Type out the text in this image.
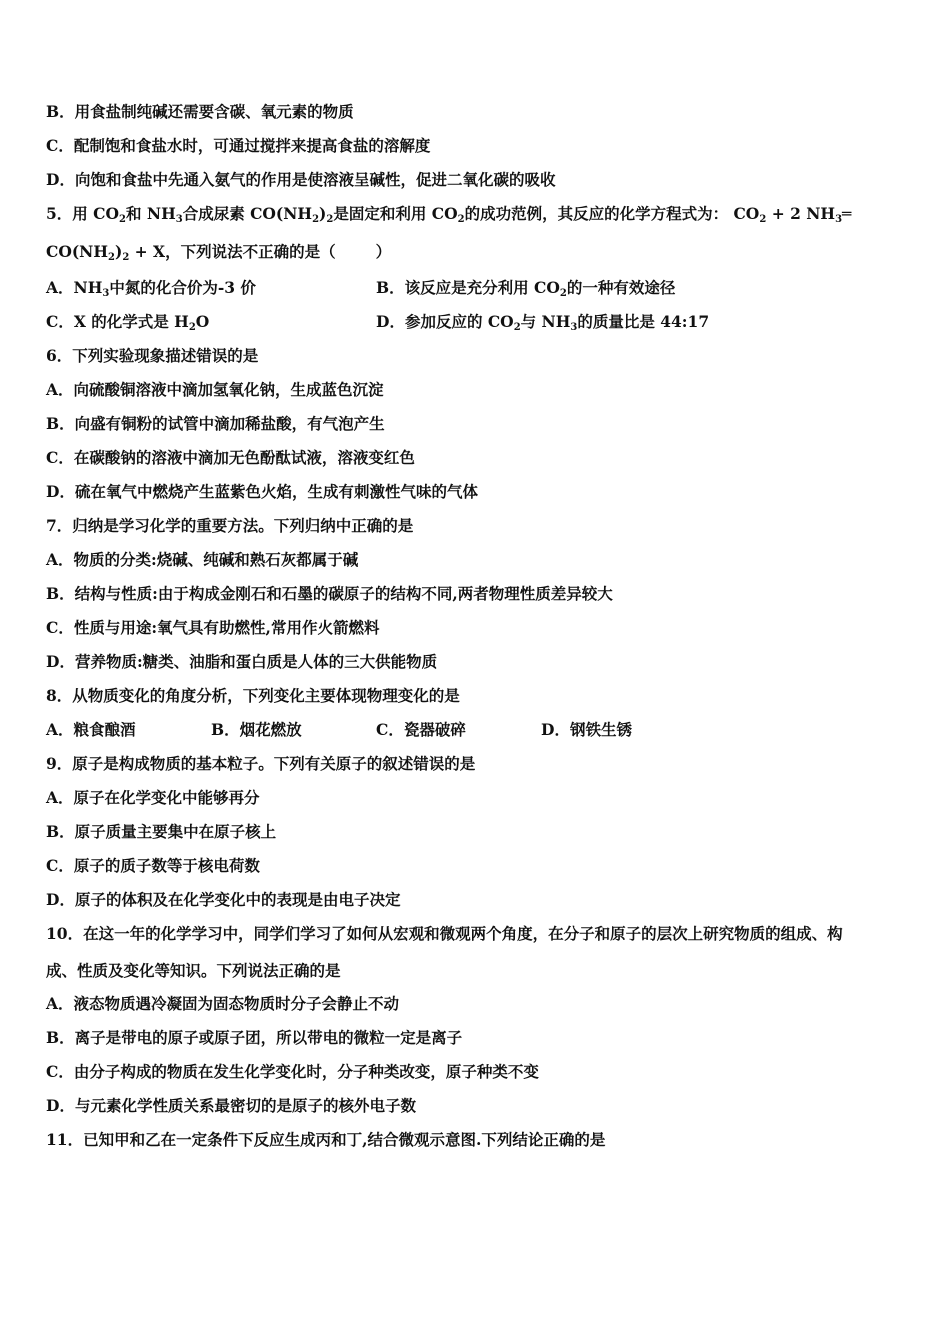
B．用食盐制纯碱还需要含碳、氧元素的物质
C．配制饱和食盐水时，可通过搅拌来提高食盐的溶解度
D．向饱和食盐中先通入氨气的作用是使溶液呈碱性，促进二氧化碳的吸收
5．用 $CO_2$和 $NH_3$合成尿素 $CO(NH_2)_2$是固定和利用 $CO_2$的成功范例，其反应的化学方程式为： $CO_2 + 2$ $NH_3═$
$CO(NH_2)_2 + X$，下列说法不正确的是（	）
A．$NH_3$中氮的化合价为-3 价	B．该反应是充分利用 $CO_2$的一种有效途径
C．X 的化学式是 $H_2O$	D．参加反应的 $CO_2$与 $NH_3$的质量比是 44:17
6．下列实验现象描述错误的是
A．向硫酸铜溶液中滴加氢氧化钠，生成蓝色沉淀
B．向盛有铜粉的试管中滴加稀盐酸，有气泡产生
C．在碳酸钠的溶液中滴加无色酚酞试液，溶液变红色
D．硫在氧气中燃烧产生蓝紫色火焰，生成有刺激性气味的气体
7．归纳是学习化学的重要方法。下列归纳中正确的是
A．物质的分类:烧碱、纯碱和熟石灰都属于碱
B．结构与性质:由于构成金刚石和石墨的碳原子的结构不同,两者物理性质差异较大
C．性质与用途:氧气具有助燃性,常用作火箭燃料
D．营养物质:糖类、油脂和蛋白质是人体的三大供能物质
8．从物质变化的角度分析，下列变化主要体现物理变化的是
A．粮食酿酒	B．烟花燃放	C．瓷器破碎	D．钢铁生锈
9．原子是构成物质的基本粒子。下列有关原子的叙述错误的是
A．原子在化学变化中能够再分
B．原子质量主要集中在原子核上
C．原子的质子数等于核电荷数
D．原子的体积及在化学变化中的表现是由电子决定
10．在这一年的化学学习中，同学们学习了如何从宏观和微观两个角度，在分子和原子的层次上研究物质的组成、构
成、性质及变化等知识。下列说法正确的是
A．液态物质遇冷凝固为固态物质时分子会静止不动
B．离子是带电的原子或原子团，所以带电的微粒一定是离子
C．由分子构成的物质在发生化学变化时，分子种类改变，原子种类不变
D．与元素化学性质关系最密切的是原子的核外电子数
11．已知甲和乙在一定条件下反应生成丙和丁,结合微观示意图.下列结论正确的是
